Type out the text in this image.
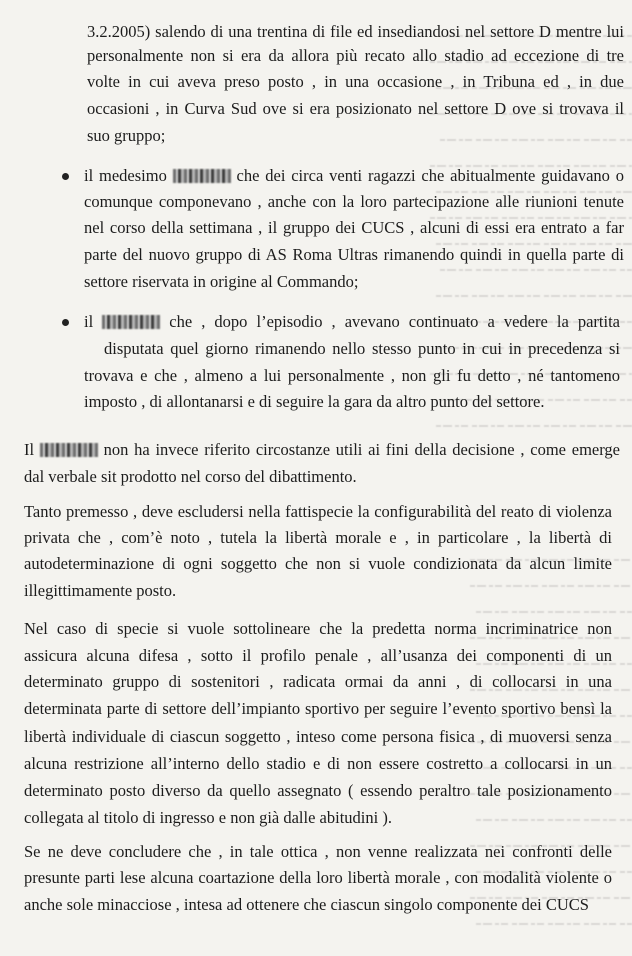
3.2.2005) salendo di una trentina di file ed insediandosi nel settore D mentre lui
personalmente non si era da allora più recato allo stadio ad eccezione di tre
volte in cui aveva preso posto , in una occasione , in Tribuna ed , in due
occasioni , in Curva Sud ove si era posizionato nel settore D ove si trovava il
suo gruppo;
il medesimo	che dei circa venti ragazzi che abitualmente guidavano o
comunque componevano , anche con la loro partecipazione alle riunioni tenute
nel corso della settimana , il gruppo dei CUCS , alcuni di essi era entrato a far
parte del nuovo gruppo di AS Roma Ultras rimanendo quindi in quella parte di
settore riservata in origine al Commando;
il	che , dopo l’episodio , avevano continuato a vedere la partita
disputata quel giorno rimanendo nello stesso punto in cui in precedenza si
trovava e che , almeno a lui personalmente , non gli fu detto , né tantomeno
imposto , di allontanarsi e di seguire la gara da altro punto del settore.
Il	non ha invece riferito circostanze utili ai fini della decisione , come emerge
dal verbale sit prodotto nel corso del dibattimento.
Tanto premesso , deve escludersi nella fattispecie la configurabilità del reato di violenza
privata che , com’è noto , tutela la libertà morale e , in particolare , la libertà di
autodeterminazione di ogni soggetto che non si vuole condizionata da alcun limite
illegittimamente posto.
Nel caso di specie si vuole sottolineare che la predetta norma incriminatrice non
assicura alcuna difesa , sotto il profilo penale , all’usanza dei componenti di un
determinato gruppo di sostenitori , radicata ormai da anni , di collocarsi in una
determinata parte di settore dell’impianto sportivo per seguire l’evento sportivo bensì la
libertà individuale di ciascun soggetto , inteso come persona fisica , di muoversi senza
alcuna restrizione all’interno dello stadio e di non essere costretto a collocarsi in un
determinato posto diverso da quello assegnato ( essendo peraltro tale posizionamento
collegata al titolo di ingresso e non già dalle abitudini ).
Se ne deve concludere che , in tale ottica , non venne realizzata nei confronti delle
presunte parti lese alcuna coartazione della loro libertà morale , con modalità violente o
anche sole minacciose , intesa ad ottenere che ciascun singolo componente dei CUCS
